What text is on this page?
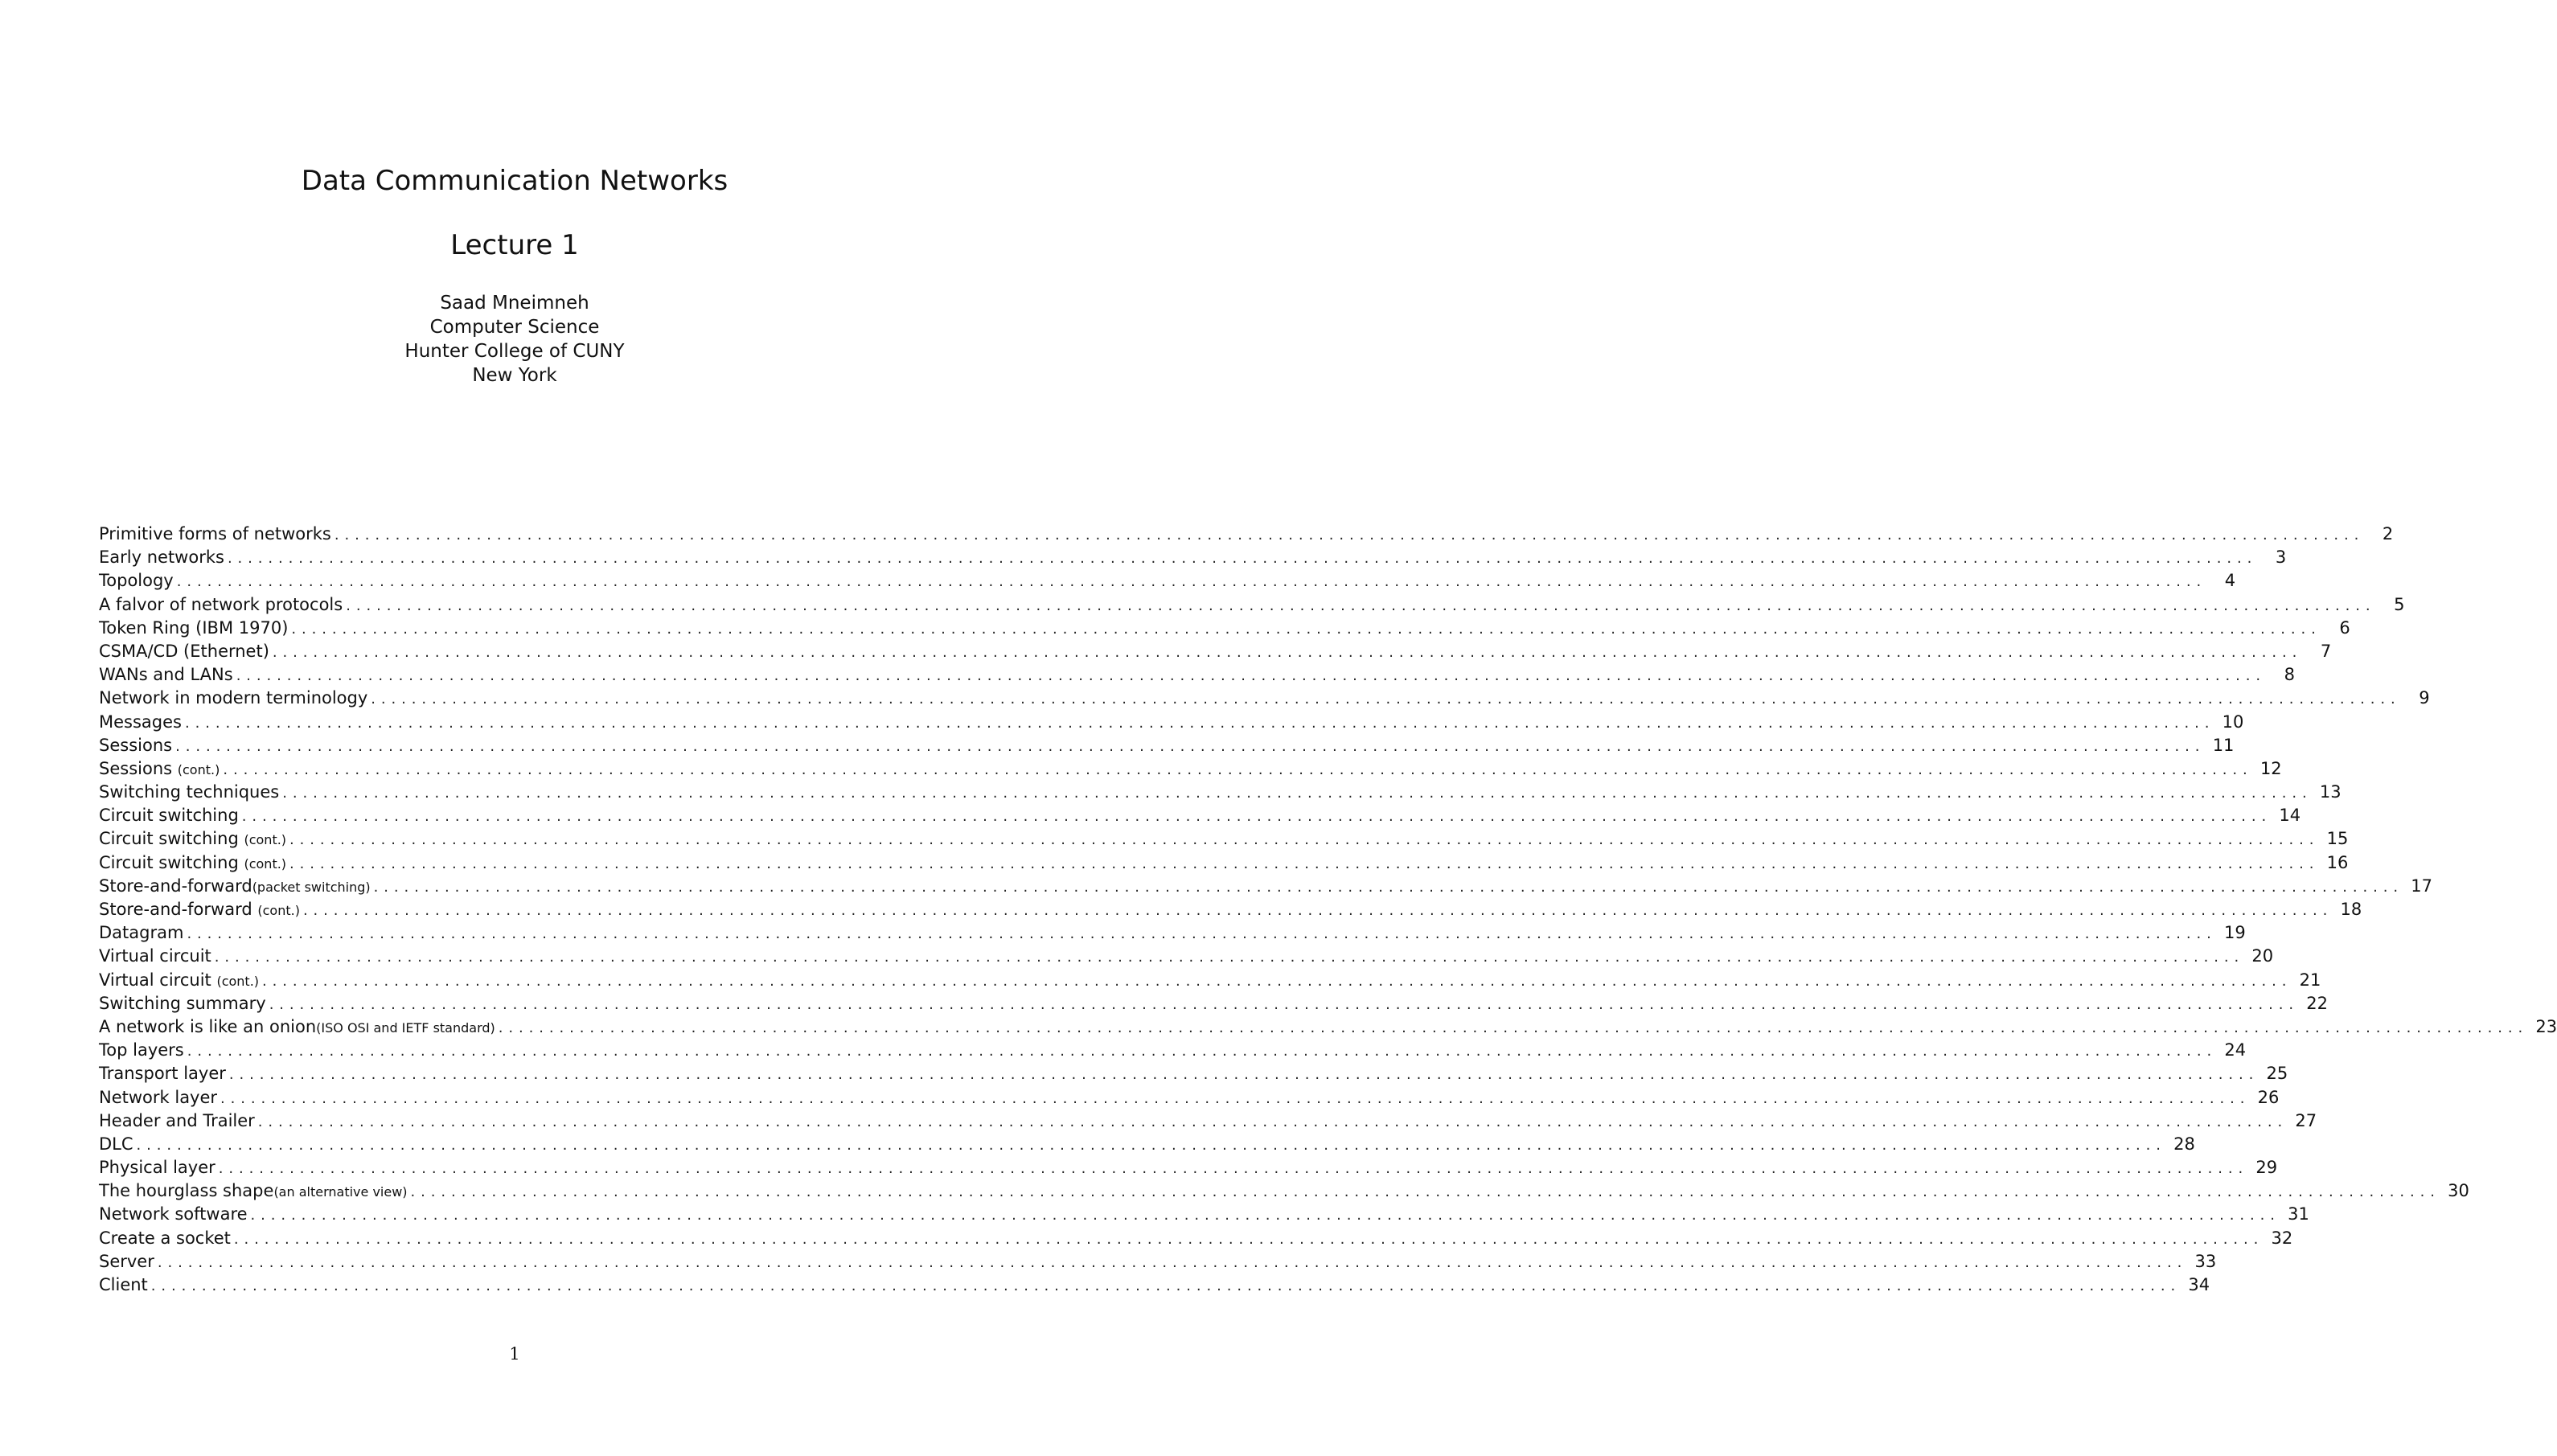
Data Communication Networks
Lecture 1
Saad Mneimneh
Computer Science
Hunter College of CUNY
New York
Primitive forms of networks ........................................................................................................................................................................................................	2
Early networks ........................................................................................................................................................................................................	3
Topology ........................................................................................................................................................................................................	4
A falvor of network protocols ........................................................................................................................................................................................................	5
Token Ring (IBM 1970) ........................................................................................................................................................................................................	6
CSMA/CD (Ethernet) ........................................................................................................................................................................................................	7
WANs and LANs ........................................................................................................................................................................................................	8
Network in modern terminology ........................................................................................................................................................................................................	9
Messages ........................................................................................................................................................................................................ 10
Sessions ........................................................................................................................................................................................................ 11
Sessions (cont.) ........................................................................................................................................................................................................ 12
Switching techniques ........................................................................................................................................................................................................ 13
Circuit switching ........................................................................................................................................................................................................ 14
Circuit switching (cont.) ........................................................................................................................................................................................................ 15
Circuit switching (cont.) ........................................................................................................................................................................................................ 16
Store-and-forward(packet switching) ........................................................................................................................................................................................................ 17
Store-and-forward (cont.) ........................................................................................................................................................................................................ 18
Datagram ........................................................................................................................................................................................................ 19
Virtual circuit ........................................................................................................................................................................................................ 20
Virtual circuit (cont.) ........................................................................................................................................................................................................ 21
Switching summary ........................................................................................................................................................................................................ 22
A network is like an onion(ISO OSI and IETF standard) ........................................................................................................................................................................................................ 23
Top layers ........................................................................................................................................................................................................ 24
Transport layer ........................................................................................................................................................................................................ 25
Network layer ........................................................................................................................................................................................................ 26
Header and Trailer ........................................................................................................................................................................................................ 27
DLC ........................................................................................................................................................................................................ 28
Physical layer ........................................................................................................................................................................................................ 29
The hourglass shape(an alternative view) ........................................................................................................................................................................................................ 30
Network software ........................................................................................................................................................................................................ 31
Create a socket ........................................................................................................................................................................................................ 32
Server ........................................................................................................................................................................................................ 33
Client ........................................................................................................................................................................................................ 34
1
